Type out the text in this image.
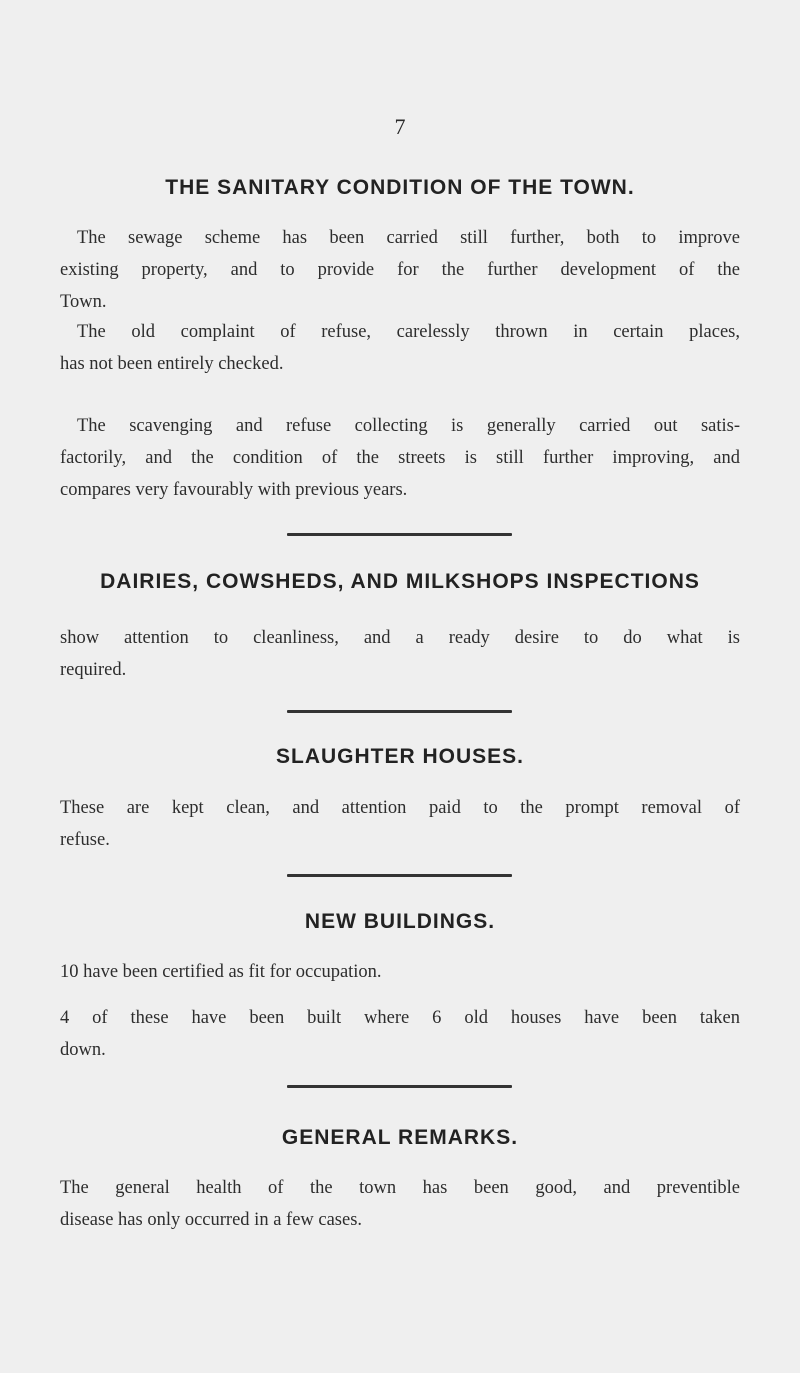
7
THE SANITARY CONDITION OF THE TOWN.
The sewage scheme has been carried still further, both to improve
existing property, and to provide for the further development of the
Town.
The old complaint of refuse, carelessly thrown in certain places,
has not been entirely checked.
The scavenging and refuse collecting is generally carried out satis-
factorily, and the condition of the streets is still further improving, and
compares very favourably with previous years.
DAIRIES, COWSHEDS, AND MILKSHOPS INSPECTIONS
show attention to cleanliness, and a ready desire to do what is
required.
SLAUGHTER HOUSES.
These are kept clean, and attention paid to the prompt removal of
refuse.
NEW BUILDINGS.
10 have been certified as fit for occupation.
4 of these have been built where 6 old houses have been taken
down.
GENERAL REMARKS.
The general health of the town has been good, and preventible
disease has only occurred in a few cases.
